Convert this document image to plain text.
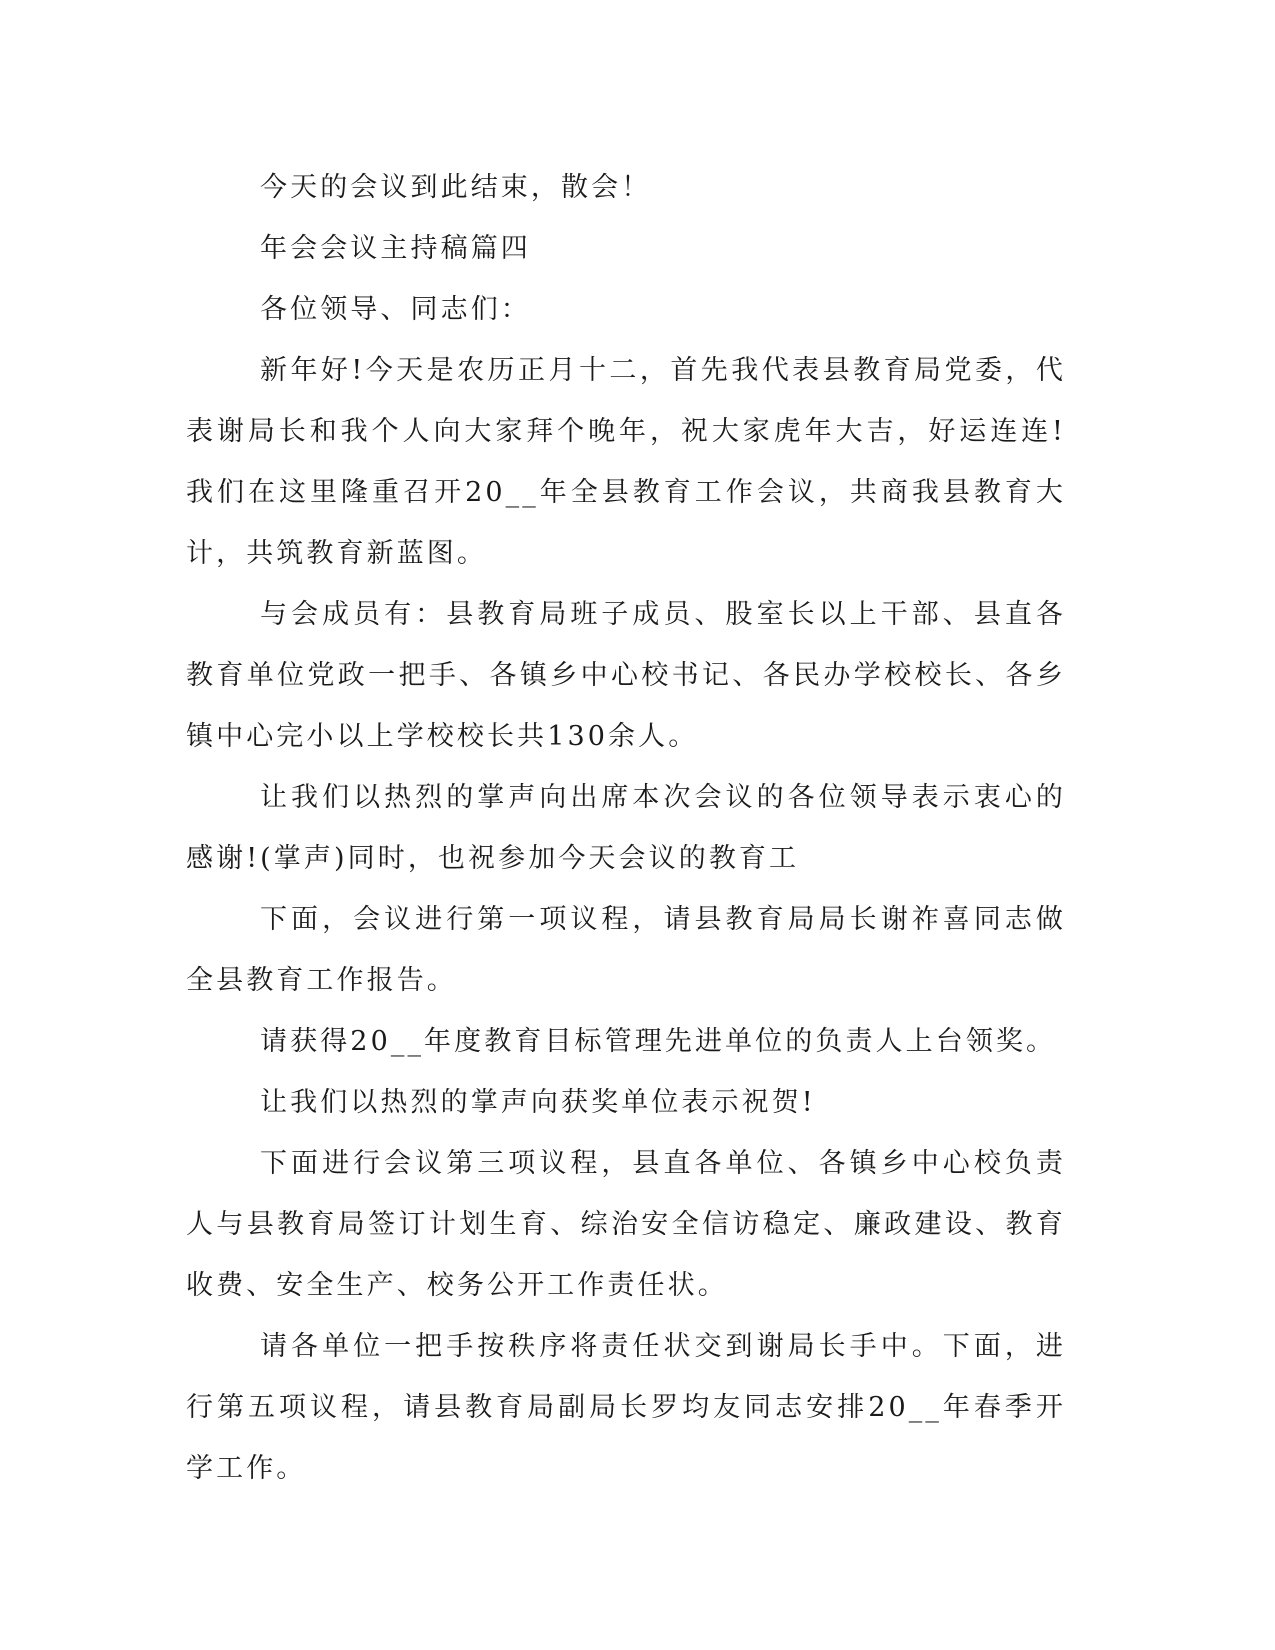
今天的会议到此结束，散会！

年会会议主持稿篇四

各位领导、同志们：

新年好!今天是农历正月十二，首先我代表县教育局党委，代表谢局长和我个人向大家拜个晚年，祝大家虎年大吉，好运连连!我们在这里隆重召开20__年全县教育工作会议，共商我县教育大计，共筑教育新蓝图。

与会成员有：县教育局班子成员、股室长以上干部、县直各教育单位党政一把手、各镇乡中心校书记、各民办学校校长、各乡镇中心完小以上学校校长共130余人。

让我们以热烈的掌声向出席本次会议的各位领导表示衷心的感谢!(掌声)同时，也祝参加今天会议的教育工

下面，会议进行第一项议程，请县教育局局长谢祚喜同志做全县教育工作报告。

请获得20__年度教育目标管理先进单位的负责人上台领奖。

让我们以热烈的掌声向获奖单位表示祝贺!

下面进行会议第三项议程，县直各单位、各镇乡中心校负责人与县教育局签订计划生育、综治安全信访稳定、廉政建设、教育收费、安全生产、校务公开工作责任状。

请各单位一把手按秩序将责任状交到谢局长手中。下面，进行第五项议程，请县教育局副局长罗均友同志安排20__年春季开学工作。
